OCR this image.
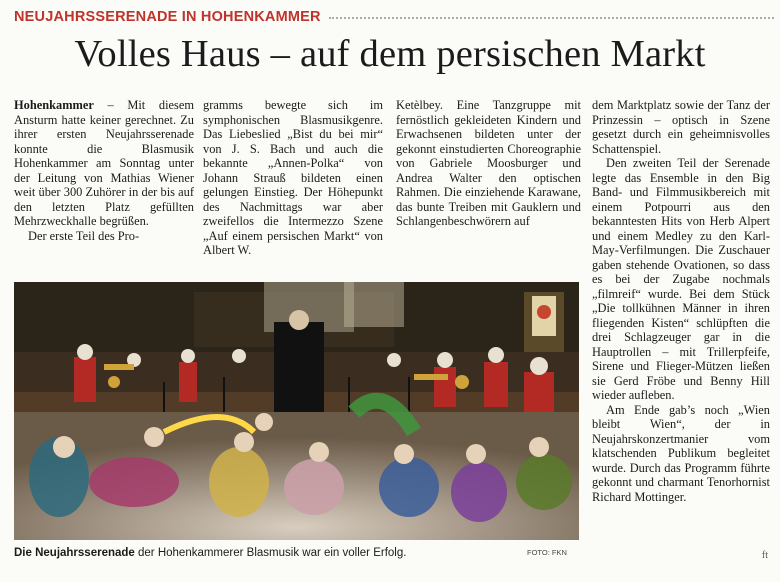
NEUJAHRSSERENADE IN HOHENKAMMER
Volles Haus – auf dem persischen Markt

Hohenkammer – Mit diesem Ansturm hatte keiner gerechnet. Zu ihrer ersten Neujahrsserenade konnte die Blasmusik Hohenkammer am Sonntag unter der Leitung von Mathias Wiener weit über 300 Zuhörer in der bis auf den letzten Platz gefüllten Mehrzweckhalle begrüßen.

Der erste Teil des Pro-

gramms bewegte sich im symphonischen Blasmusikgenre. Das Liebeslied „Bist du bei mir“ von J. S. Bach und auch die bekannte „Annen-Polka“ von Johann Strauß bildeten einen gelungen Einstieg. Der Höhepunkt des Nachmittags war aber zweifellos die Intermezzo Szene „Auf einem persischen Markt“ von Albert W.

Ketèlbey. Eine Tanzgruppe mit fernöstlich gekleideten Kindern und Erwachsenen bildeten unter der gekonnt einstudierten Choreographie von Gabriele Moosburger und Andrea Walter den optischen Rahmen. Die einziehende Karawane, das bunte Treiben mit Gauklern und Schlangenbeschwörern auf

dem Marktplatz sowie der Tanz der Prinzessin – optisch in Szene gesetzt durch ein geheimnisvolles Schattenspiel.

Den zweiten Teil der Serenade legte das Ensemble in den Big Band- und Filmmusikbereich mit einem Potpourri aus den bekanntesten Hits von Herb Alpert und einem Medley zu den Karl-May-Verfilmungen. Die Zuschauer gaben stehende Ovationen, so dass es bei der Zugabe nochmals „filmreif“ wurde. Bei dem Stück „Die tollkühnen Männer in ihren fliegenden Kisten“ schlüpften die drei Schlagzeuger gar in die Hauptrollen – mit Trillerpfeife, Sirene und Flieger-Mützen ließen sie Gerd Fröbe und Benny Hill wieder aufleben.

Am Ende gab’s noch „Wien bleibt Wien“, der in Neujahrskonzertmanier vom klatschenden Publikum begleitet wurde. Durch das Programm führte gekonnt und charmant Tenorhornist Richard Mottinger.

Die Neujahrsserenade der Hohenkammerer Blasmusik war ein voller Erfolg.	FOTO: FKN	ft
